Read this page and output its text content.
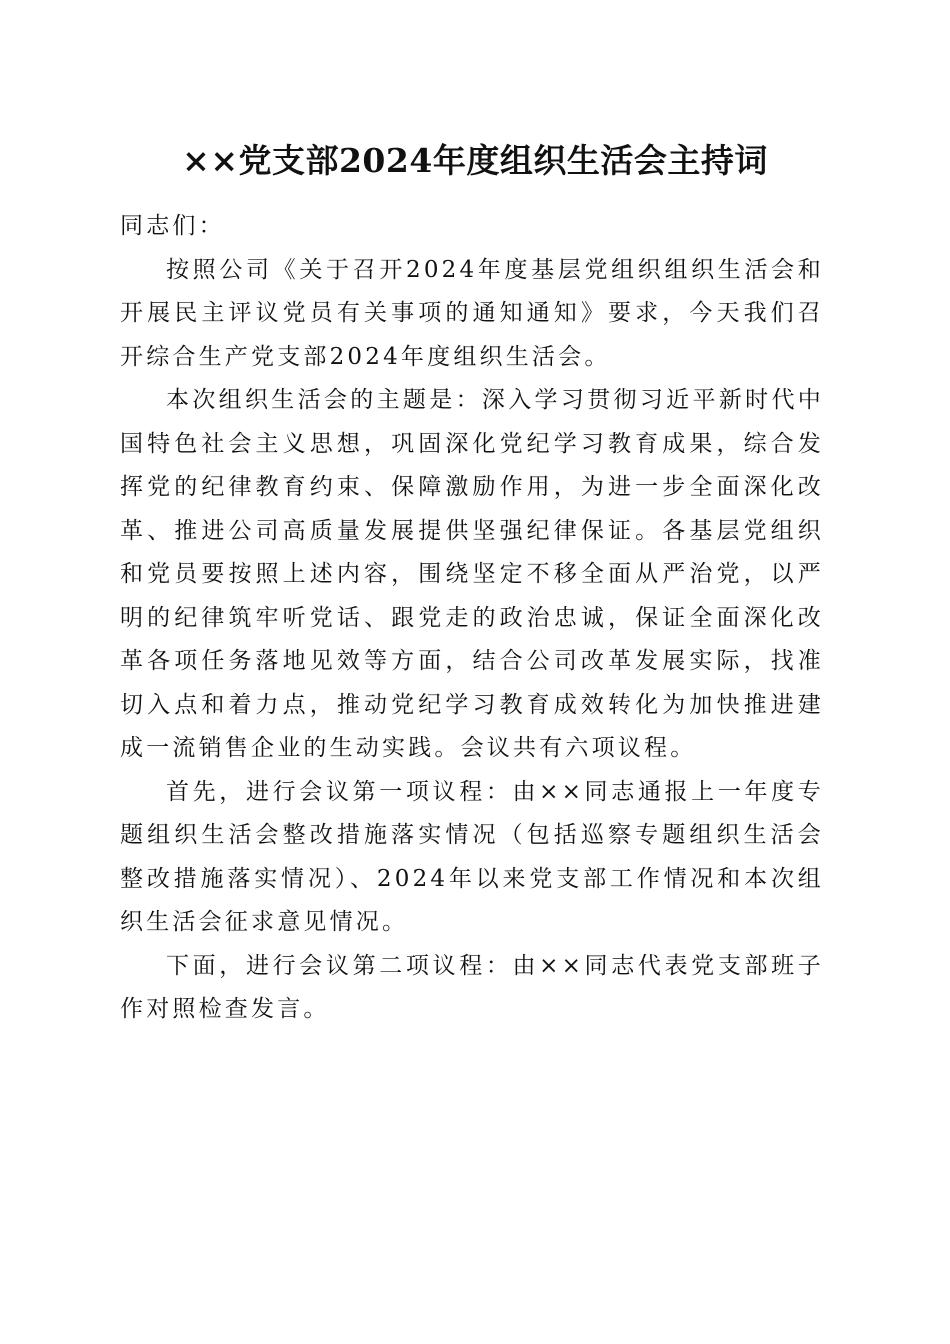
××党支部2024年度组织生活会主持词

同志们：

按照公司《关于召开2024年度基层党组织组织生活会和开展民主评议党员有关事项的通知通知》要求，今天我们召开综合生产党支部2024年度组织生活会。

本次组织生活会的主题是：深入学习贯彻习近平新时代中国特色社会主义思想，巩固深化党纪学习教育成果，综合发挥党的纪律教育约束、保障激励作用，为进一步全面深化改革、推进公司高质量发展提供坚强纪律保证。各基层党组织和党员要按照上述内容，围绕坚定不移全面从严治党，以严明的纪律筑牢听党话、跟党走的政治忠诚，保证全面深化改革各项任务落地见效等方面，结合公司改革发展实际，找准切入点和着力点，推动党纪学习教育成效转化为加快推进建成一流销售企业的生动实践。会议共有六项议程。

首先，进行会议第一项议程：由××同志通报上一年度专题组织生活会整改措施落实情况（包括巡察专题组织生活会整改措施落实情况）、2024年以来党支部工作情况和本次组织生活会征求意见情况。

下面，进行会议第二项议程：由××同志代表党支部班子作对照检查发言。
